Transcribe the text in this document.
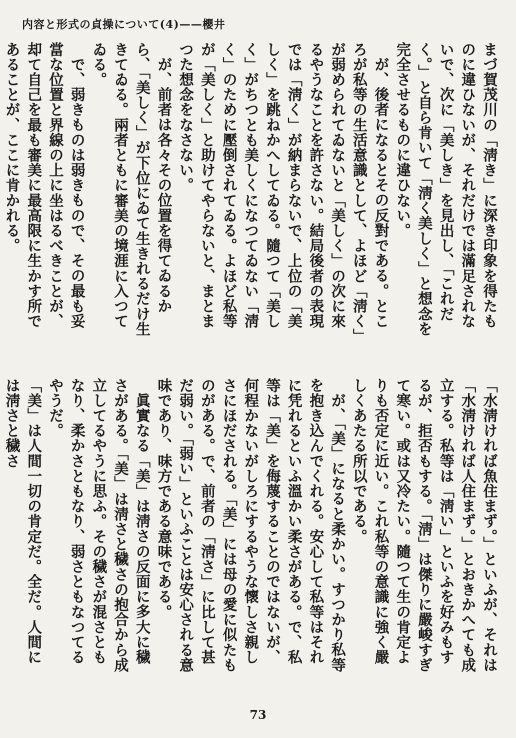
内容と形式の貞操について(4)——櫻井

まづ賀茂川の「淸き」に深き印象を得たものに違ひないが、それだけでは滿足されないで、次に「美しき」を見出し、「これだく。」と自ら肯いて「淸く美しく」と想念を完全させるものに違ひない。

が、後者になるとその反對である。ところが私等の生活意識として、よほど「淸く」が弱められてゐないと「美しく」の次に來るやうなことを許さない。結局後者の表現では「淸く」が納まらないで、上位の「美しく」を跳ねかへしてゐる。隨つて「美しく」がちつとも美しくになつてゐない「淸く」のために壓倒されてゐる。よほど私等が「美しく」と助けてやらないと、まとまつた想念をなさない。

が、前者は各々その位置を得てゐるから、「美しく」が下位にゐて生きれるだけ生きてゐる。兩者ともに審美の境涯に入つてゐる。

で、弱きものは弱きもので、その最も妥當な位置と界線の上に坐はるべきことが、却て自己を最も審美に最高限に生かす所であることが、ここに肯かれる。

「水淸ければ魚住まず。」といふが、それは「水淸ければ人住まず。」とおきかへても成立する。私等は「淸い」といふを好みもするが、拒否もする。「淸」は傑りに嚴峻すぎて寒い。或は又冷たい。隨つて生の肯定よりも否定に近い。これ私等の意識に強く嚴しくあたる所以である。

が、「美」になると柔かい。すつかり私等を抱き込んでくれる。安心して私等はそれに凭れるといふ溫かい柔さがある。で、私等は「美」を侮蔑することのではないが、何程かないがしろにするやうな懷しさ親しさにほだされる。「美」には母の愛に似たものがある。で、前者の「淸さ」に比して甚だ弱い。「弱い」といふことは安心される意味であり、味方である意味である。

眞實なる「美」は淸さの反面に多大に穢さがある。「美」は淸さと穢さの抱合から成立してるやうに思ふ。その穢さが混さともなり、柔かさともなり、弱さともなつてるやうだ。

「美」は人間一切の肯定だ。全だ。人間には淸さと穢さ

73
